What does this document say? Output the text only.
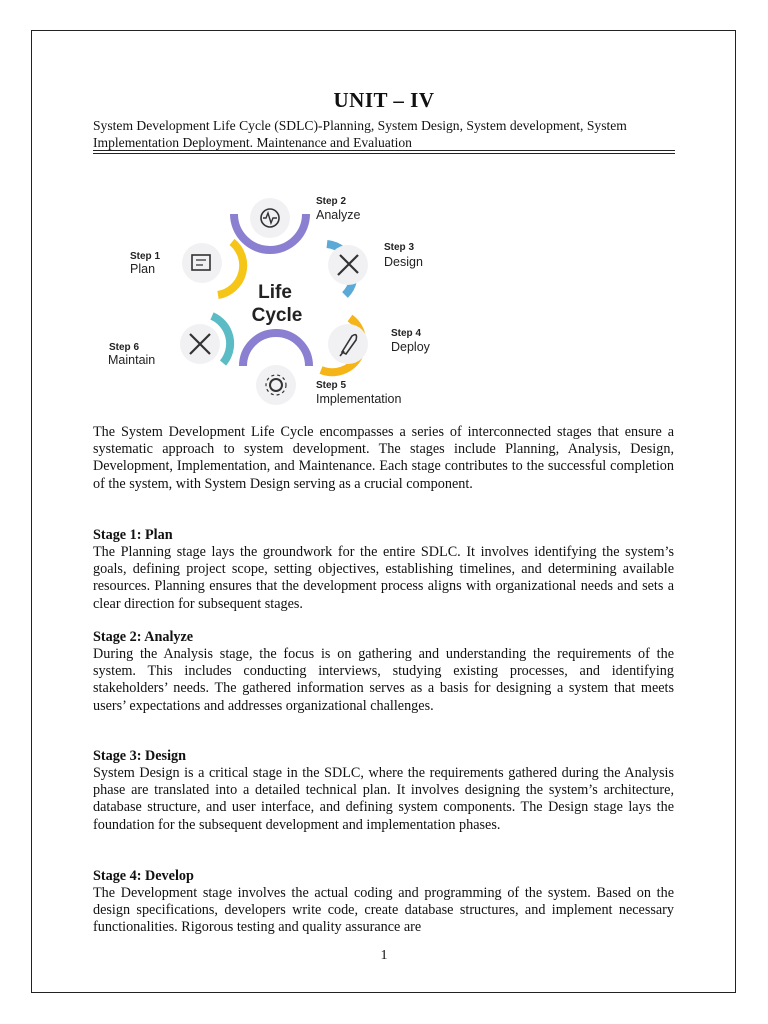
UNIT – IV
System Development Life Cycle (SDLC)-Planning, System Design, System development, System Implementation Deployment. Maintenance and Evaluation
Life
Cycle
Step 2
Analyze
Step 3
Design
Step 4
Deploy
Step 5
Implementation
Step 6
Maintain
Step 1
Plan

The System Development Life Cycle encompasses a series of interconnected stages that ensure a systematic approach to system development. The stages include Planning, Analysis, Design, Development, Implementation, and Maintenance. Each stage contributes to the successful completion of the system, with System Design serving as a crucial component.

Stage 1: Plan

The Planning stage lays the groundwork for the entire SDLC. It involves identifying the system’s goals, defining project scope, setting objectives, establishing timelines, and determining available resources. Planning ensures that the development process aligns with organizational needs and sets a clear direction for subsequent stages.

Stage 2: Analyze

During the Analysis stage, the focus is on gathering and understanding the requirements of the system. This includes conducting interviews, studying existing processes, and identifying stakeholders’ needs. The gathered information serves as a basis for designing a system that meets users’ expectations and addresses organizational challenges.

Stage 3: Design

System Design is a critical stage in the SDLC, where the requirements gathered during the Analysis phase are translated into a detailed technical plan. It involves designing the system’s architecture, database structure, and user interface, and defining system components. The Design stage lays the foundation for the subsequent development and implementation phases.

Stage 4: Develop

The Development stage involves the actual coding and programming of the system. Based on the design specifications, developers write code, create database structures, and implement necessary functionalities. Rigorous testing and quality assurance are

1
